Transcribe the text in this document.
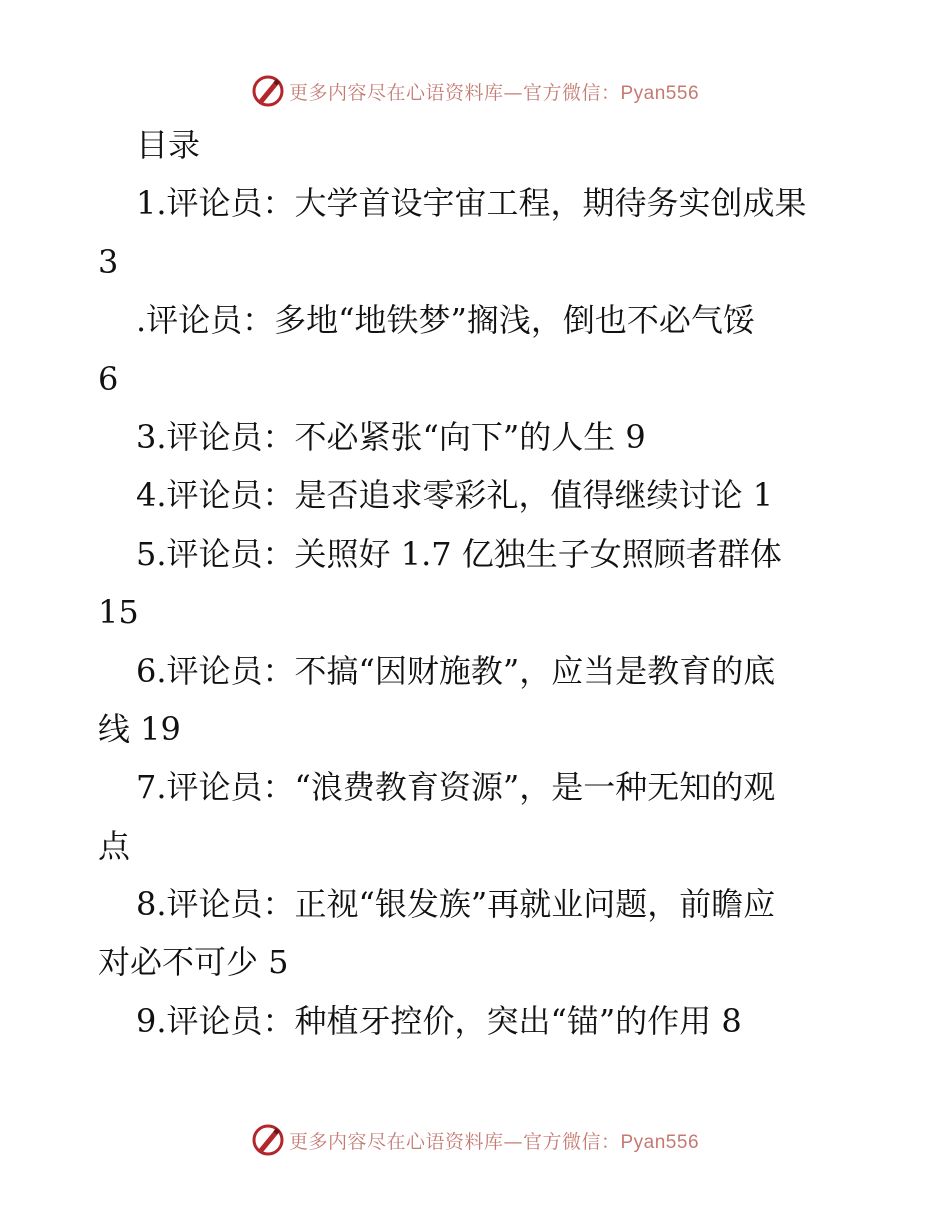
更多内容尽在心语资料库—官方微信：Pyan556
目录
1.评论员：大学首设宇宙工程，期待务实创成果
3
.评论员：多地“地铁梦”搁浅，倒也不必气馁
6
3.评论员：不必紧张“向下”的人生 9
4.评论员：是否追求零彩礼，值得继续讨论 1
5.评论员：关照好 1.7 亿独生子女照顾者群体
15
6.评论员：不搞“因财施教”，应当是教育的底
线 19
7.评论员：“浪费教育资源”，是一种无知的观
点
8.评论员：正视“银发族”再就业问题，前瞻应
对必不可少 5
9.评论员：种植牙控价，突出“锚”的作用 8
更多内容尽在心语资料库—官方微信：Pyan556
